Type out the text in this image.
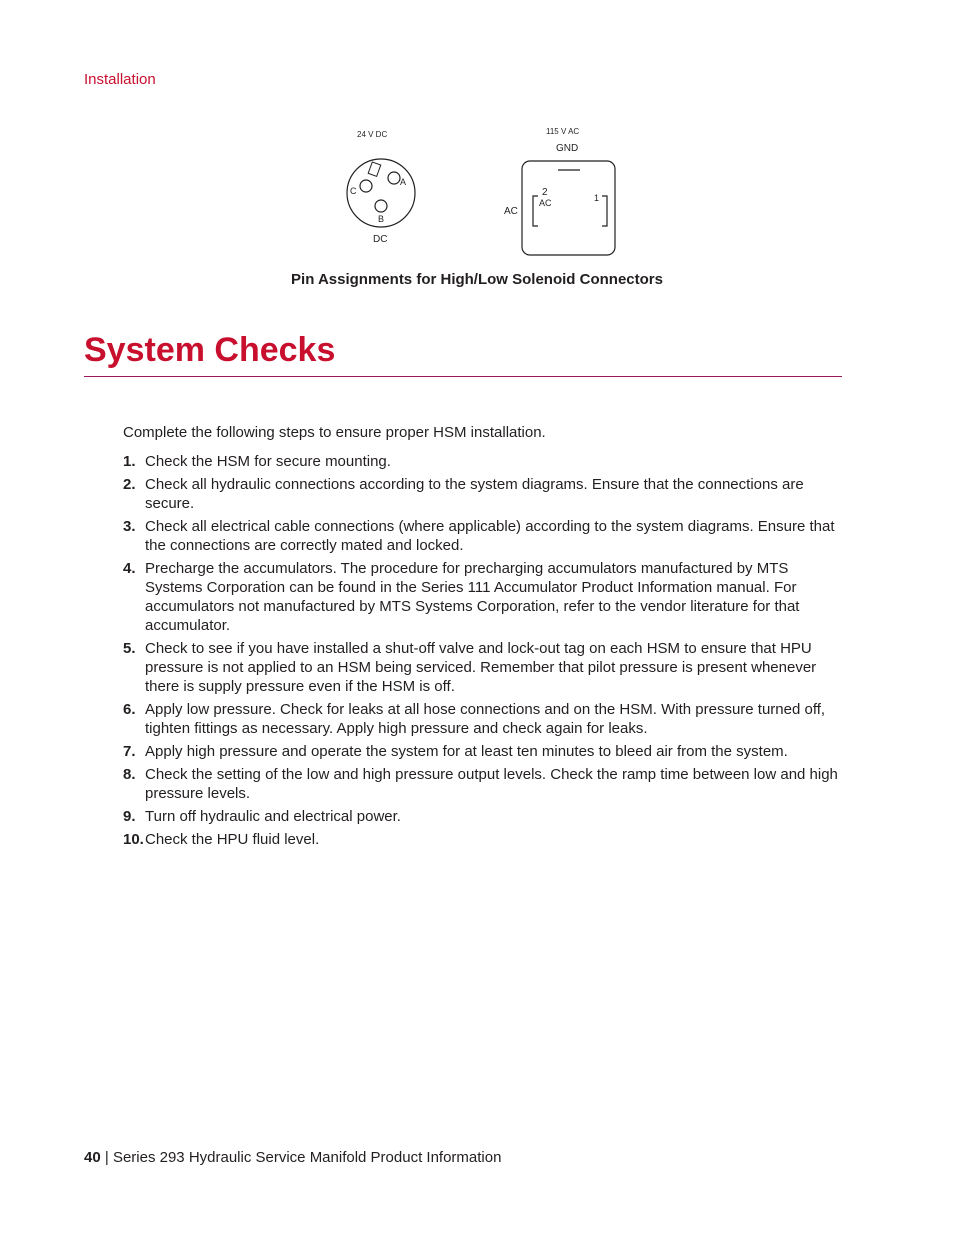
Installation
24 V DC
A
B
C
DC
115 V AC
GND
AC
2
AC	1
Pin Assignments for High/Low Solenoid Connectors
System Checks
Complete the following steps to ensure proper HSM installation.
1. Check the HSM for secure mounting.
2. Check all hydraulic connections according to the system diagrams. Ensure that the connections are secure.
3. Check all electrical cable connections (where applicable) according to the system diagrams. Ensure that the connections are correctly mated and locked.
4. Precharge the accumulators. The procedure for precharging accumulators manufactured by MTS Systems Corporation can be found in the Series 111 Accumulator Product Information manual. For accumulators not manufactured by MTS Systems Corporation, refer to the vendor literature for that accumulator.
5. Check to see if you have installed a shut-off valve and lock-out tag on each HSM to ensure that HPU pressure is not applied to an HSM being serviced. Remember that pilot pressure is present whenever there is supply pressure even if the HSM is off.
6. Apply low pressure. Check for leaks at all hose connections and on the HSM. With pressure turned off, tighten fittings as necessary. Apply high pressure and check again for leaks.
7. Apply high pressure and operate the system for at least ten minutes to bleed air from the system.
8. Check the setting of the low and high pressure output levels. Check the ramp time between low and high pressure levels.
9. Turn off hydraulic and electrical power.
10. Check the HPU fluid level.
40 | Series 293 Hydraulic Service Manifold Product Information
